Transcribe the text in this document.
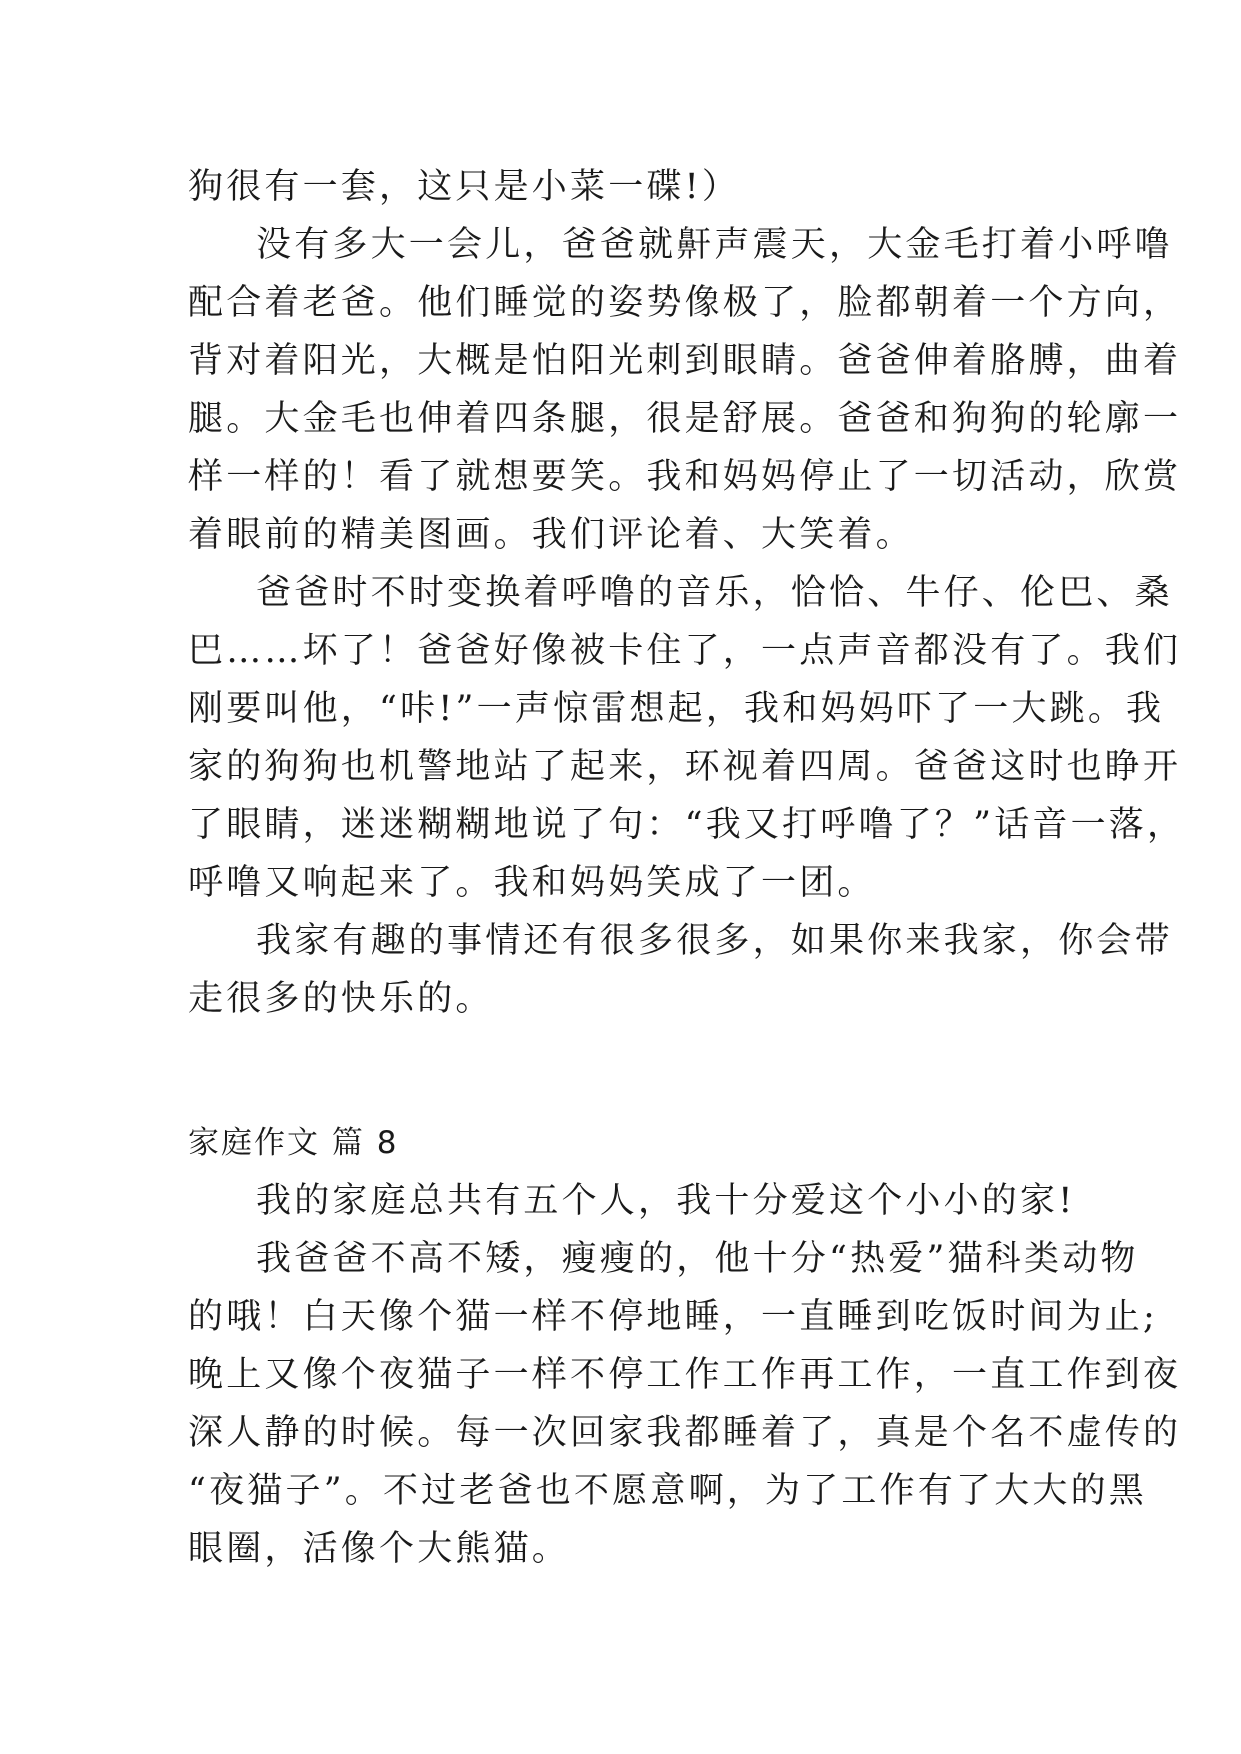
狗很有一套，这只是小菜一碟!）
没有多大一会儿，爸爸就鼾声震天，大金毛打着小呼噜
配合着老爸。他们睡觉的姿势像极了，脸都朝着一个方向，
背对着阳光，大概是怕阳光刺到眼睛。爸爸伸着胳膊，曲着
腿。大金毛也伸着四条腿，很是舒展。爸爸和狗狗的轮廓一
样一样的！看了就想要笑。我和妈妈停止了一切活动，欣赏
着眼前的精美图画。我们评论着、大笑着。
爸爸时不时变换着呼噜的音乐，恰恰、牛仔、伦巴、桑
巴……坏了！爸爸好像被卡住了，一点声音都没有了。我们
刚要叫他，“咔!”一声惊雷想起，我和妈妈吓了一大跳。我
家的狗狗也机警地站了起来，环视着四周。爸爸这时也睁开
了眼睛，迷迷糊糊地说了句：“我又打呼噜了？”话音一落，
呼噜又响起来了。我和妈妈笑成了一团。
我家有趣的事情还有很多很多，如果你来我家，你会带
走很多的快乐的。
家庭作文 篇 8
我的家庭总共有五个人，我十分爱这个小小的家!
我爸爸不高不矮，瘦瘦的，他十分“热爱”猫科类动物
的哦！白天像个猫一样不停地睡，一直睡到吃饭时间为止;
晚上又像个夜猫子一样不停工作工作再工作，一直工作到夜
深人静的时候。每一次回家我都睡着了，真是个名不虚传的
“夜猫子”。不过老爸也不愿意啊，为了工作有了大大的黑
眼圈，活像个大熊猫。
